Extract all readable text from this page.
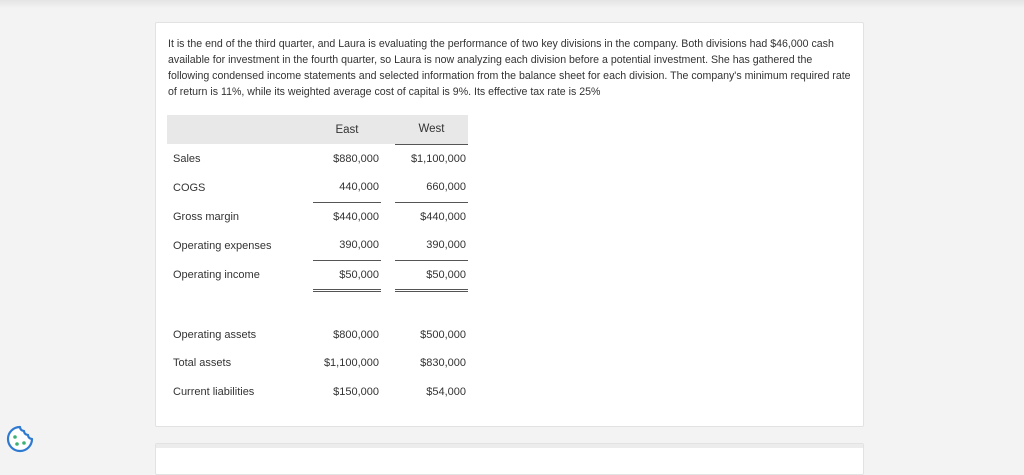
It is the end of the third quarter, and Laura is evaluating the performance of two key divisions in the company. Both divisions had $46,000 cash available for investment in the fourth quarter, so Laura is now analyzing each division before a potential investment. She has gathered the following condensed income statements and selected information from the balance sheet for each division. The company's minimum required rate of return is 11%, while its weighted average cost of capital is 9%. Its effective tax rate is 25%
		East		West
Sales		$880,000		$1,100,000
COGS		440,000		660,000
Gross margin		$440,000		$440,000
Operating expenses		390,000		390,000
Operating income		$50,000		$50,000

Operating assets		$800,000		$500,000
Total assets		$1,100,000		$830,000
Current liabilities		$150,000		$54,000
